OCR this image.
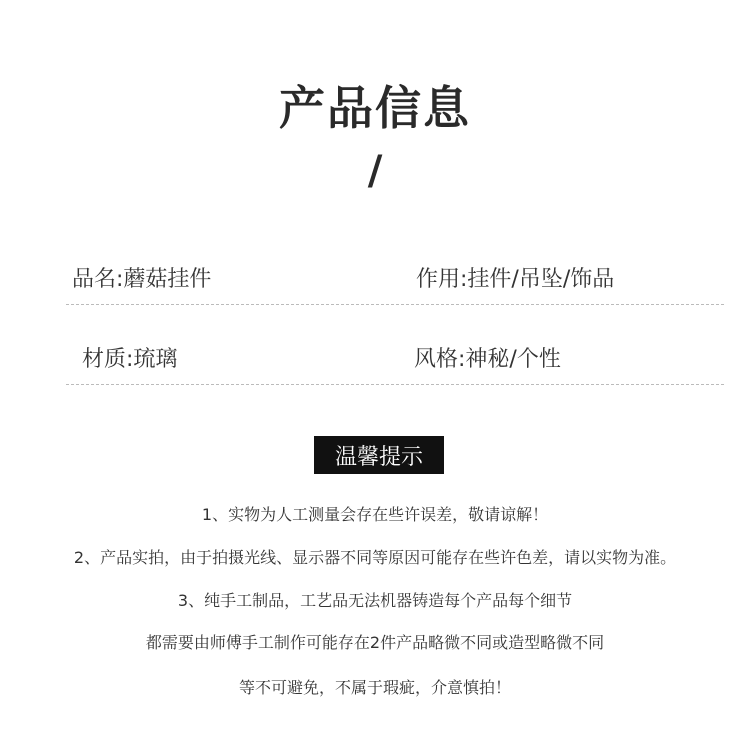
产品信息
/
品名:蘑菇挂件	作用:挂件/吊坠/饰品
材质:琉璃	风格:神秘/个性
温馨提示
1、实物为人工测量会存在些许误差，敬请谅解！
2、产品实拍，由于拍摄光线、显示器不同等原因可能存在些许色差，请以实物为准。
3、纯手工制品，工艺品无法机器铸造每个产品每个细节
都需要由师傅手工制作可能存在2件产品略微不同或造型略微不同
等不可避免，不属于瑕疵，介意慎拍！
